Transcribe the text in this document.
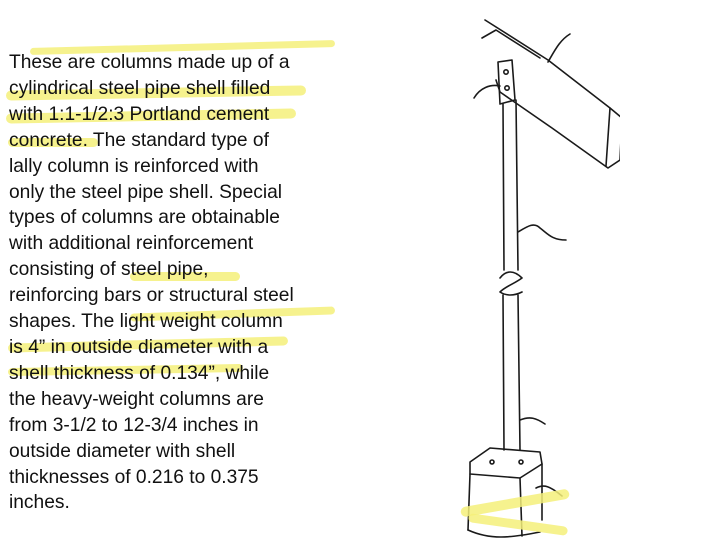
These are columns made up of a
cylindrical steel pipe shell filled
with 1:1-1/2:3 Portland cement
concrete. The standard type of
lally column is reinforced with
only the steel pipe shell. Special
types of columns are obtainable
with additional reinforcement
consisting of steel pipe,
reinforcing bars or structural steel
shapes. The light weight column
is 4” in outside diameter with a
shell thickness of 0.134”, while
the heavy-weight columns are
from 3-1/2 to 12-3/4 inches in
outside diameter with shell
thicknesses of 0.216 to 0.375
inches.
